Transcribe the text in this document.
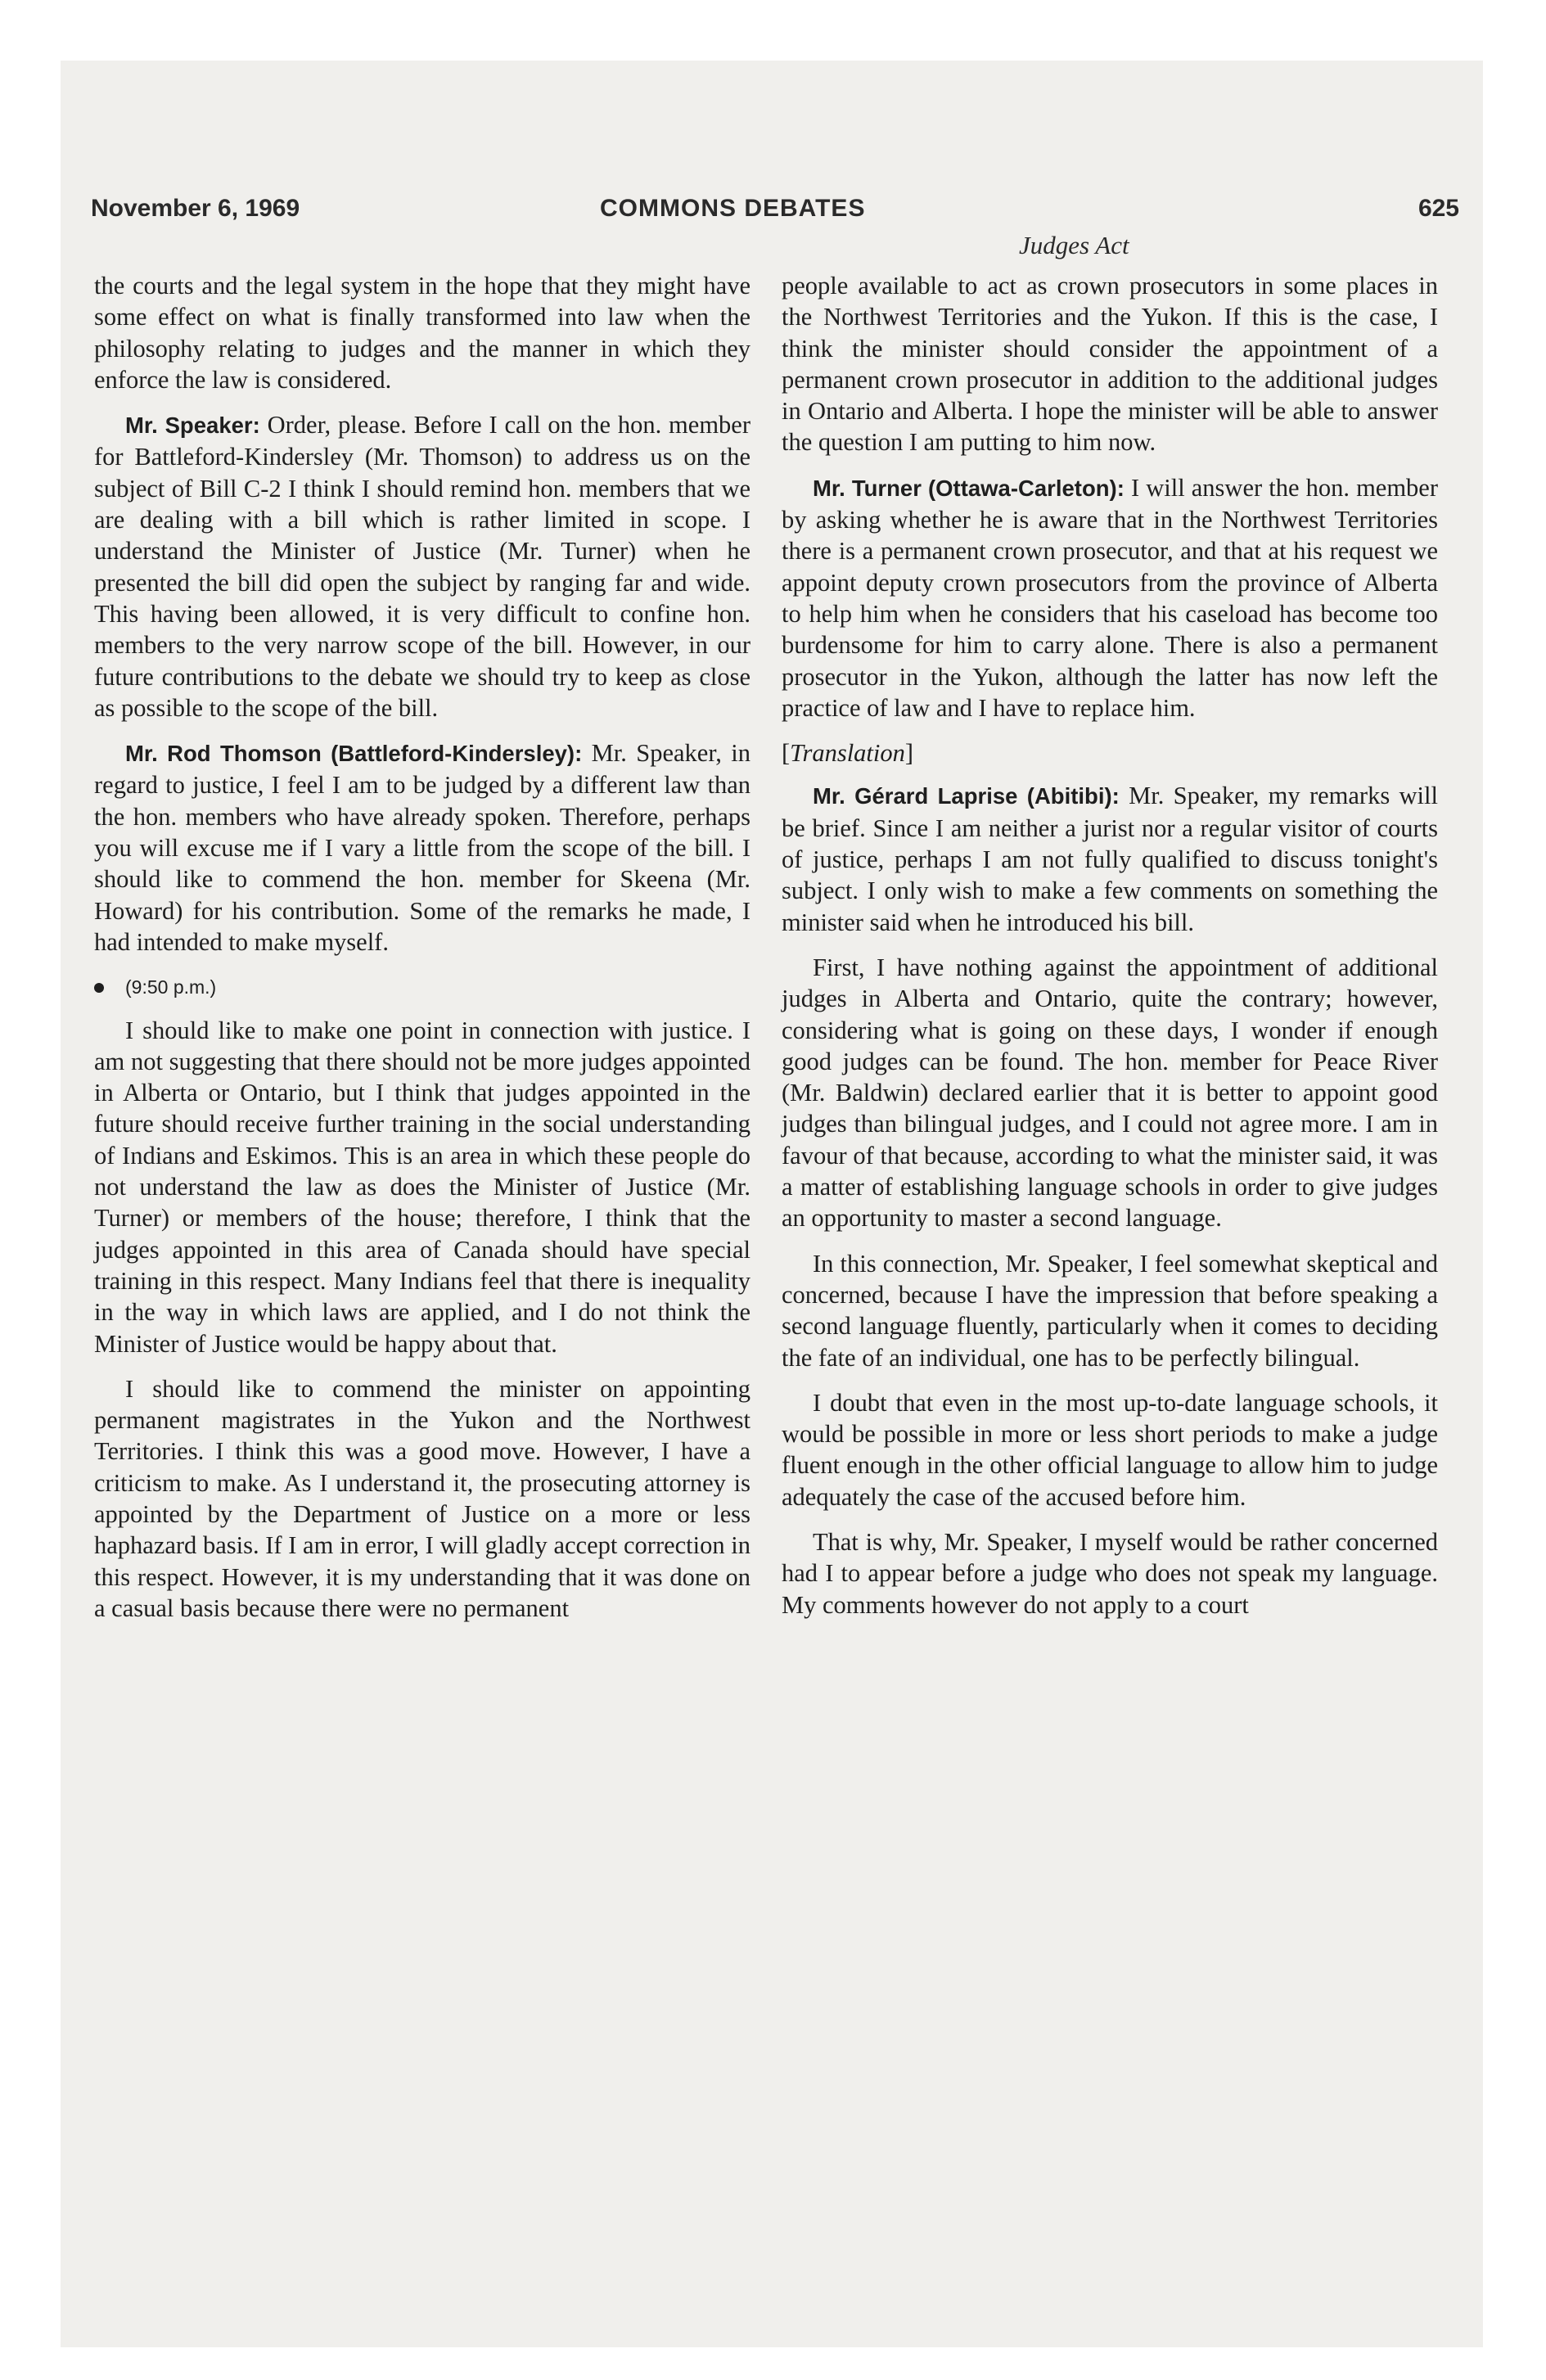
November 6, 1969	COMMONS DEBATES	625
Judges Act

the courts and the legal system in the hope that they might have some effect on what is finally transformed into law when the philosophy relating to judges and the manner in which they enforce the law is considered.

Mr. Speaker: Order, please. Before I call on the hon. member for Battleford-Kindersley (Mr. Thomson) to address us on the subject of Bill C-2 I think I should remind hon. members that we are dealing with a bill which is rather limited in scope. I understand the Minister of Justice (Mr. Turner) when he presented the bill did open the subject by ranging far and wide. This having been allowed, it is very difficult to confine hon. members to the very narrow scope of the bill. However, in our future contributions to the debate we should try to keep as close as possible to the scope of the bill.

Mr. Rod Thomson (Battleford-Kindersley): Mr. Speaker, in regard to justice, I feel I am to be judged by a different law than the hon. members who have already spoken. Therefore, perhaps you will excuse me if I vary a little from the scope of the bill. I should like to commend the hon. member for Skeena (Mr. Howard) for his contribution. Some of the remarks he made, I had intended to make myself.

(9:50 p.m.)

I should like to make one point in connection with justice. I am not suggesting that there should not be more judges appointed in Alberta or Ontario, but I think that judges appointed in the future should receive further training in the social understanding of Indians and Eskimos. This is an area in which these people do not understand the law as does the Minister of Justice (Mr. Turner) or members of the house; therefore, I think that the judges appointed in this area of Canada should have special training in this respect. Many Indians feel that there is inequality in the way in which laws are applied, and I do not think the Minister of Justice would be happy about that.

I should like to commend the minister on appointing permanent magistrates in the Yukon and the Northwest Territories. I think this was a good move. However, I have a criticism to make. As I understand it, the prosecuting attorney is appointed by the Department of Justice on a more or less haphazard basis. If I am in error, I will gladly accept correction in this respect. However, it is my understanding that it was done on a casual basis because there were no permanent

people available to act as crown prosecutors in some places in the Northwest Territories and the Yukon. If this is the case, I think the minister should consider the appointment of a permanent crown prosecutor in addition to the additional judges in Ontario and Alberta. I hope the minister will be able to answer the question I am putting to him now.

Mr. Turner (Ottawa-Carleton): I will answer the hon. member by asking whether he is aware that in the Northwest Territories there is a permanent crown prosecutor, and that at his request we appoint deputy crown prosecutors from the province of Alberta to help him when he considers that his caseload has become too burdensome for him to carry alone. There is also a permanent prosecutor in the Yukon, although the latter has now left the practice of law and I have to replace him.

[Translation]

Mr. Gérard Laprise (Abitibi): Mr. Speaker, my remarks will be brief. Since I am neither a jurist nor a regular visitor of courts of justice, perhaps I am not fully qualified to discuss tonight's subject. I only wish to make a few comments on something the minister said when he introduced his bill.

First, I have nothing against the appointment of additional judges in Alberta and Ontario, quite the contrary; however, considering what is going on these days, I wonder if enough good judges can be found. The hon. member for Peace River (Mr. Baldwin) declared earlier that it is better to appoint good judges than bilingual judges, and I could not agree more. I am in favour of that because, according to what the minister said, it was a matter of establishing language schools in order to give judges an opportunity to master a second language.

In this connection, Mr. Speaker, I feel somewhat skeptical and concerned, because I have the impression that before speaking a second language fluently, particularly when it comes to deciding the fate of an individual, one has to be perfectly bilingual.

I doubt that even in the most up-to-date language schools, it would be possible in more or less short periods to make a judge fluent enough in the other official language to allow him to judge adequately the case of the accused before him.

That is why, Mr. Speaker, I myself would be rather concerned had I to appear before a judge who does not speak my language. My comments however do not apply to a court
